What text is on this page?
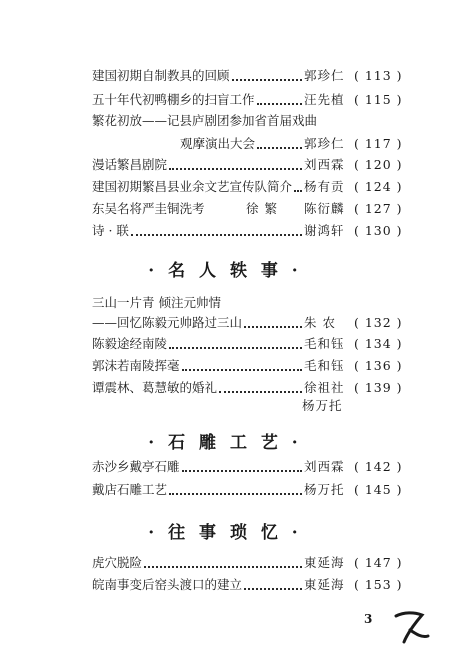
建国初期自制教具的回顾	郭珍仁 ( 113 )
五十年代初鸭棚乡的扫盲工作	汪先植 ( 115 )
繁花初放——记县庐剧团参加省首届戏曲
观摩演出大会	郭珍仁 ( 117 )
漫话繁昌剧院	刘西霖 ( 120 )
建国初期繁昌县业余文艺宣传队简介 杨有贡 ( 124 )
东吴名将严圭铜洗考	徐 繁	陈衍麟 ( 127 )
诗 · 联	谢鸿轩 ( 130 )
· 名 人 轶 事 ·
三山一片青 倾注元帅情
——回忆陈毅元帅路过三山	朱 农	( 132 )
陈毅途经南陵	毛和钰 ( 134 )
郭沫若南陵挥毫	毛和钰 ( 136 )
谭震林、葛慧敏的婚礼	徐祖社 ( 139 )
杨万托
· 石 雕 工 艺 ·
赤沙乡戴亭石雕	刘西霖 ( 142 )
戴店石雕工艺	杨万托 ( 145 )
· 往 事 琐 忆 ·
虎穴脱险	東延海 ( 147 )
皖南事变后窑头渡口的建立	東延海 ( 153 )
3
